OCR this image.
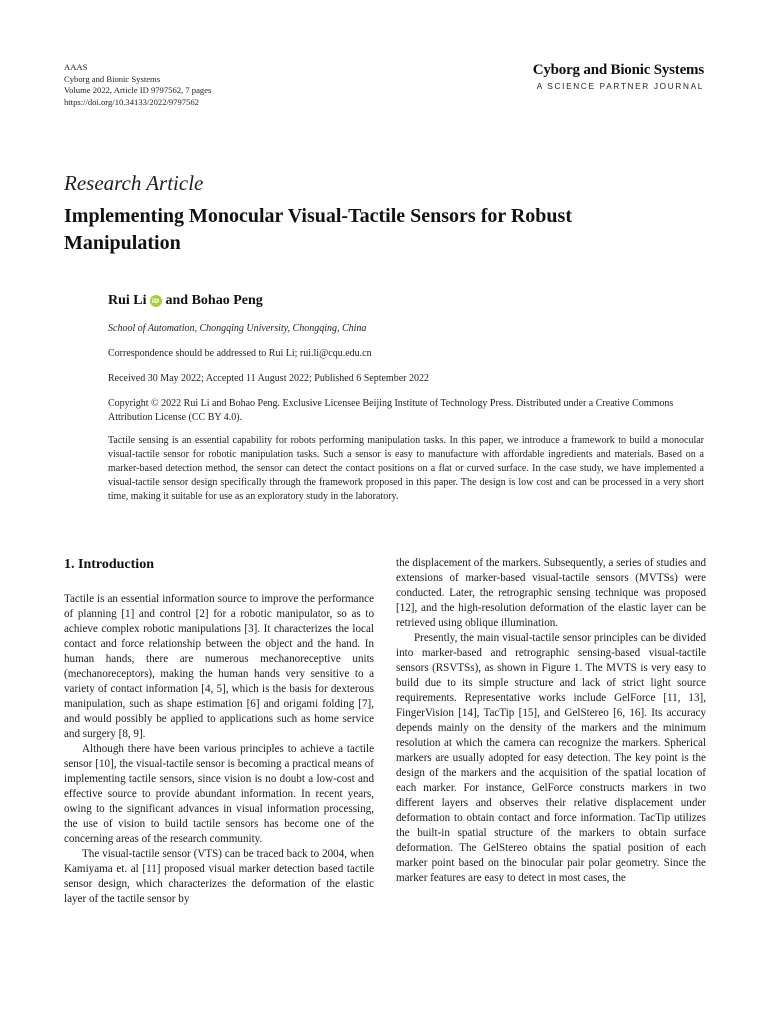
AAAS
Cyborg and Bionic Systems
Volume 2022, Article ID 9797562, 7 pages
https://doi.org/10.34133/2022/9797562
Cyborg and Bionic Systems
A SCIENCE PARTNER JOURNAL
Research Article
Implementing Monocular Visual-Tactile Sensors for Robust Manipulation
Rui Li iD and Bohao Peng
School of Automation, Chongqing University, Chongqing, China
Correspondence should be addressed to Rui Li; rui.li@cqu.edu.cn
Received 30 May 2022; Accepted 11 August 2022; Published 6 September 2022
Copyright © 2022 Rui Li and Bohao Peng. Exclusive Licensee Beijing Institute of Technology Press. Distributed under a Creative Commons Attribution License (CC BY 4.0).
Tactile sensing is an essential capability for robots performing manipulation tasks. In this paper, we introduce a framework to build a monocular visual-tactile sensor for robotic manipulation tasks. Such a sensor is easy to manufacture with affordable ingredients and materials. Based on a marker-based detection method, the sensor can detect the contact positions on a flat or curved surface. In the case study, we have implemented a visual-tactile sensor design specifically through the framework proposed in this paper. The design is low cost and can be processed in a very short time, making it suitable for use as an exploratory study in the laboratory.
1. Introduction

Tactile is an essential information source to improve the performance of planning [1] and control [2] for a robotic manipulator, so as to achieve complex robotic manipulations [3]. It characterizes the local contact and force relationship between the object and the hand. In human hands, there are numerous mechanoreceptive units (mechanoreceptors), making the human hands very sensitive to a variety of contact information [4, 5], which is the basis for dexterous manipulation, such as shape estimation [6] and origami folding [7], and would possibly be applied to applications such as home service and surgery [8, 9].

Although there have been various principles to achieve a tactile sensor [10], the visual-tactile sensor is becoming a practical means of implementing tactile sensors, since vision is no doubt a low-cost and effective source to provide abundant information. In recent years, owing to the significant advances in visual information processing, the use of vision to build tactile sensors has become one of the concerning areas of the research community.

The visual-tactile sensor (VTS) can be traced back to 2004, when Kamiyama et. al [11] proposed visual marker detection based tactile sensor design, which characterizes the deformation of the elastic layer of the tactile sensor by

the displacement of the markers. Subsequently, a series of studies and extensions of marker-based visual-tactile sensors (MVTSs) were conducted. Later, the retrographic sensing technique was proposed [12], and the high-resolution deformation of the elastic layer can be retrieved using oblique illumination.

Presently, the main visual-tactile sensor principles can be divided into marker-based and retrographic sensing-based visual-tactile sensors (RSVTSs), as shown in Figure 1. The MVTS is very easy to build due to its simple structure and lack of strict light source requirements. Representative works include GelForce [11, 13], FingerVision [14], TacTip [15], and GelStereo [6, 16]. Its accuracy depends mainly on the density of the markers and the minimum resolution at which the camera can recognize the markers. Spherical markers are usually adopted for easy detection. The key point is the design of the markers and the acquisition of the spatial location of each marker. For instance, GelForce constructs markers in two different layers and observes their relative displacement under deformation to obtain contact and force information. TacTip utilizes the built-in spatial structure of the markers to obtain surface deformation. The GelStereo obtains the spatial position of each marker point based on the binocular pair polar geometry. Since the marker features are easy to detect in most cases, the
